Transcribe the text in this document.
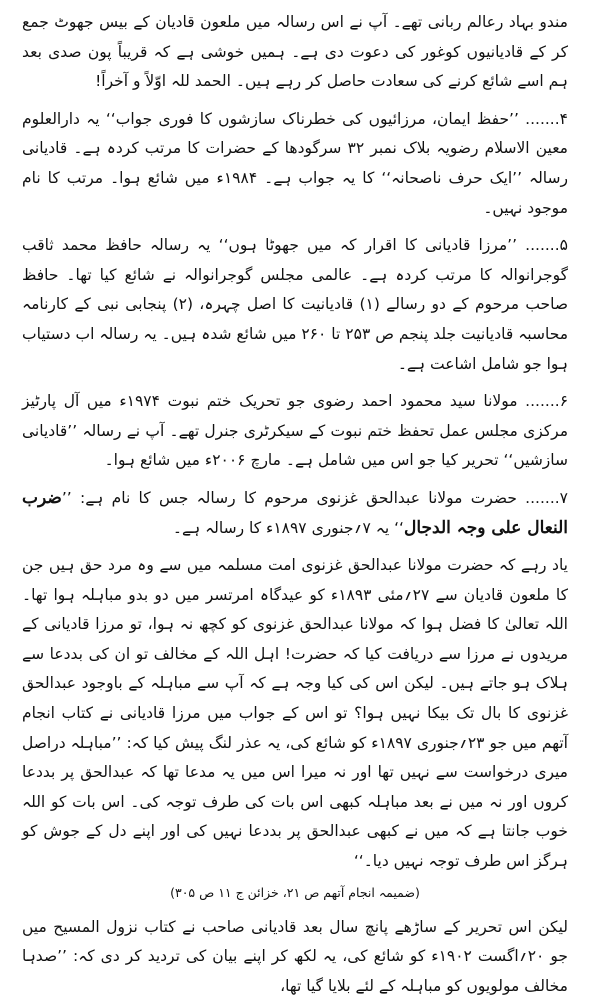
مندو بہاد رعالم ربانی تھے۔ آپ نے اس رسالہ میں ملعون قادیان کے بیس جھوٹ جمع کر کے قادیانیوں کوغور کی دعوت دی ہے۔ ہمیں خوشی ہے کہ قریباً پون صدی بعد ہم اسے شائع کرنے کی سعادت حاصل کر رہے ہیں۔ الحمد للہ اوّلاً و آخراً!

۴....... ’’حفظ ایمان، مرزائیوں کی خطرناک سازشوں کا فوری جواب‘‘ یہ دارالعلوم معین الاسلام رضویہ بلاک نمبر ۳۲ سرگودھا کے حضرات کا مرتب کردہ ہے۔ قادیانی رسالہ ’’ایک حرف ناصحانہ‘‘ کا یہ جواب ہے۔ ۱۹۸۴ء میں شائع ہوا۔ مرتب کا نام موجود نہیں۔

۵....... ’’مرزا قادیانی کا اقرار کہ میں جھوٹا ہوں‘‘ یہ رسالہ حافظ محمد ثاقب گوجرانوالہ کا مرتب کردہ ہے۔ عالمی مجلس گوجرانوالہ نے شائع کیا تھا۔ حافظ صاحب مرحوم کے دو رسالے (۱) قادیانیت کا اصل چہرہ، (۲) پنجابی نبی کے کارنامہ محاسبہ قادیانیت جلد پنجم ص ۲۵۳ تا ۲۶۰ میں شائع شدہ ہیں۔ یہ رسالہ اب دستیاب ہوا جو شامل اشاعت ہے۔

۶....... مولانا سید محمود احمد رضوی جو تحریک ختم نبوت ۱۹۷۴ء میں آل پارٹیز مرکزی مجلس عمل تحفظ ختم نبوت کے سیکرٹری جنرل تھے۔ آپ نے رسالہ ’’قادیانی سازشیں‘‘ تحریر کیا جو اس میں شامل ہے۔ مارچ ۲۰۰۶ء میں شائع ہوا۔

۷....... حضرت مولانا عبدالحق غزنوی مرحوم کا رسالہ جس کا نام ہے: ’’ضرب النعال علی وجہ الدجال‘‘ یہ ۷؍جنوری ۱۸۹۷ء کا رسالہ ہے۔

یاد رہے کہ حضرت مولانا عبدالحق غزنوی امت مسلمہ میں سے وہ مرد حق ہیں جن کا ملعون قادیان سے ۲۷؍مئی ۱۸۹۳ء کو عیدگاہ امرتسر میں دو بدو مباہلہ ہوا تھا۔ اللہ تعالیٰ کا فضل ہوا کہ مولانا عبدالحق غزنوی کو کچھ نہ ہوا، تو مرزا قادیانی کے مریدوں نے مرزا سے دریافت کیا کہ حضرت! اہل اللہ کے مخالف تو ان کی بددعا سے ہلاک ہو جاتے ہیں۔ لیکن اس کی کیا وجہ ہے کہ آپ سے مباہلہ کے باوجود عبدالحق غزنوی کا بال تک بیکا نہیں ہوا؟ تو اس کے جواب میں مرزا قادیانی نے کتاب انجام آتھم میں جو ۲۳؍جنوری ۱۸۹۷ء کو شائع کی، یہ عذر لنگ پیش کیا کہ: ’’مباہلہ دراصل میری درخواست سے نہیں تھا اور نہ میرا اس میں یہ مدعا تھا کہ عبدالحق پر بددعا کروں اور نہ میں نے بعد مباہلہ کبھی اس بات کی طرف توجہ کی۔ اس بات کو اللہ خوب جانتا ہے کہ میں نے کبھی عبدالحق پر بددعا نہیں کی اور اپنے دل کے جوش کو ہرگز اس طرف توجہ نہیں دیا۔‘‘

(ضمیمہ انجام آتھم ص ۲۱، خزائن ج ۱۱ ص ۳۰۵)

لیکن اس تحریر کے ساڑھے پانچ سال بعد قادیانی صاحب نے کتاب نزول المسیح میں جو ۲۰؍اگست ۱۹۰۲ء کو شائع کی، یہ لکھ کر اپنے بیان کی تردید کر دی کہ: ’’صدہا مخالف مولویوں کو مباہلہ کے لئے بلایا گیا تھا،
